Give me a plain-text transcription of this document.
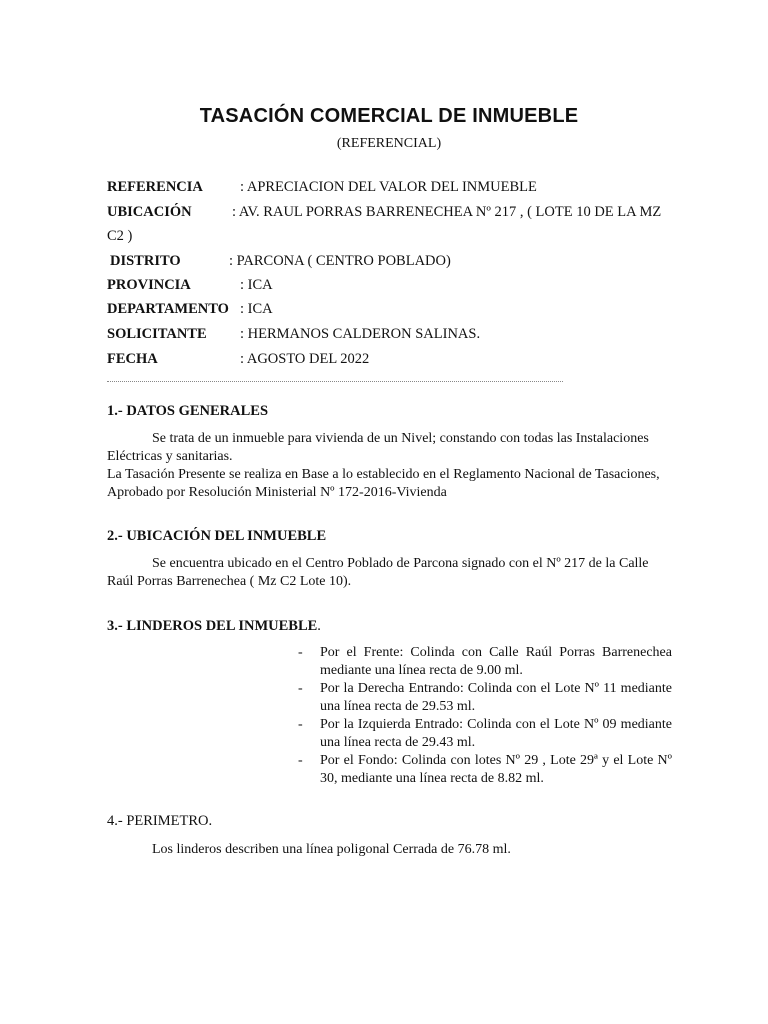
TASACIÓN COMERCIAL DE INMUEBLE
(REFERENCIAL)
REFERENCIA	: APRECIACION DEL VALOR DEL INMUEBLE
UBICACIÓN	: AV. RAUL PORRAS BARRENECHEA Nº 217 , ( LOTE 10 DE LA MZ
C2 )
DISTRITO	: PARCONA ( CENTRO POBLADO)
PROVINCIA	: ICA
DEPARTAMENTO : ICA
SOLICITANTE : HERMANOS CALDERON SALINAS.
FECHA	: AGOSTO DEL 2022
1.- DATOS GENERALES
Se trata de un inmueble para vivienda de un Nivel; constando con todas las Instalaciones Eléctricas y sanitarias.
La Tasación Presente se realiza en Base a lo establecido en el Reglamento Nacional de Tasaciones, Aprobado por Resolución Ministerial Nº 172-2016-Vivienda
2.- UBICACIÓN DEL INMUEBLE
Se encuentra ubicado en el Centro Poblado de Parcona signado con el Nº 217 de la Calle Raúl Porras Barrenechea ( Mz C2 Lote 10).
3.- LINDEROS DEL INMUEBLE.
- Por el Frente: Colinda con Calle Raúl Porras Barrenechea mediante una línea recta de 9.00 ml.
- Por la Derecha Entrando: Colinda con el Lote Nº 11 mediante una línea recta de 29.53 ml.
- Por la Izquierda Entrado: Colinda con el Lote Nº 09 mediante una línea recta de 29.43 ml.
- Por el Fondo: Colinda con lotes Nº 29 , Lote 29ª y el Lote Nº 30, mediante una línea recta de 8.82 ml.
4.- PERIMETRO.
Los linderos describen una línea poligonal Cerrada de 76.78 ml.
